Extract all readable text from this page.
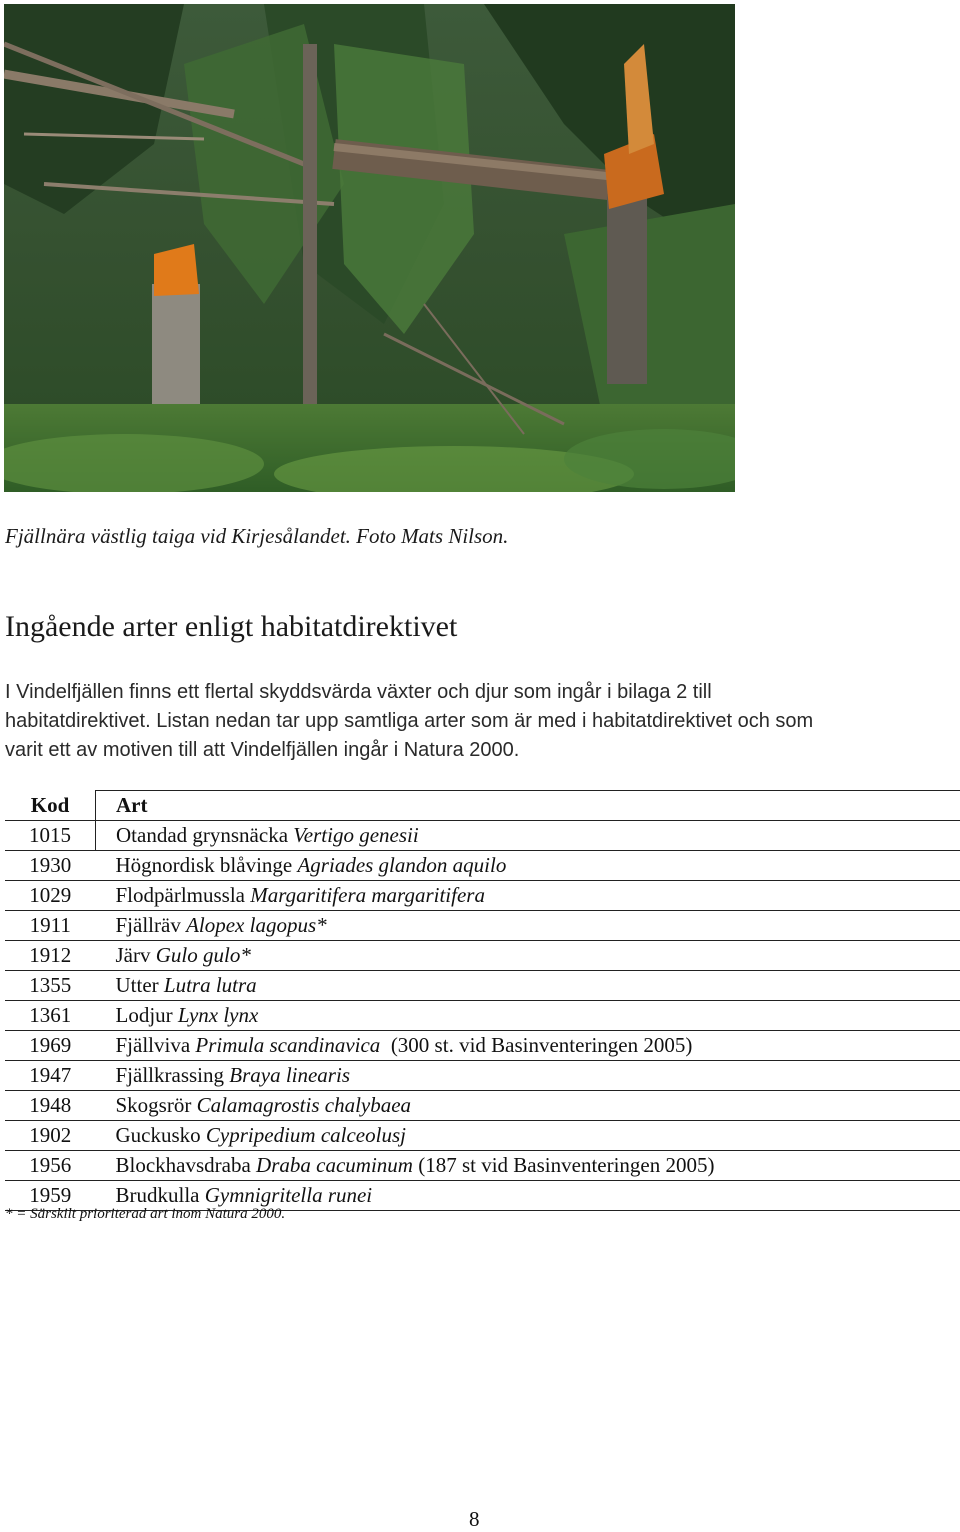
Fjällnära västlig taiga vid Kirjesålandet. Foto Mats Nilson.
Ingående arter enligt habitatdirektivet
I Vindelfjällen finns ett flertal skyddsvärda växter och djur som ingår i bilaga 2 till
habitatdirektivet. Listan nedan tar upp samtliga arter som är med i habitatdirektivet och som
varit ett av motiven till att Vindelfjällen ingår i Natura 2000.
Kod	Art
1015	Otandad grynsnäcka Vertigo genesii
1930	Högnordisk blåvinge Agriades glandon aquilo
1029	Flodpärlmussla Margaritifera margaritifera
1911	Fjällräv Alopex lagopus*
1912	Järv Gulo gulo*
1355	Utter Lutra lutra
1361	Lodjur Lynx lynx
1969	Fjällviva Primula scandinavica  (300 st. vid Basinventeringen 2005)
1947	Fjällkrassing Braya linearis
1948	Skogsrör Calamagrostis chalybaea
1902	Guckusko Cypripedium calceolusj
1956	Blockhavsdraba Draba cacuminum (187 st vid Basinventeringen 2005)
1959	Brudkulla Gymnigritella runei
* = Särskilt prioriterad art inom Natura 2000.
8
